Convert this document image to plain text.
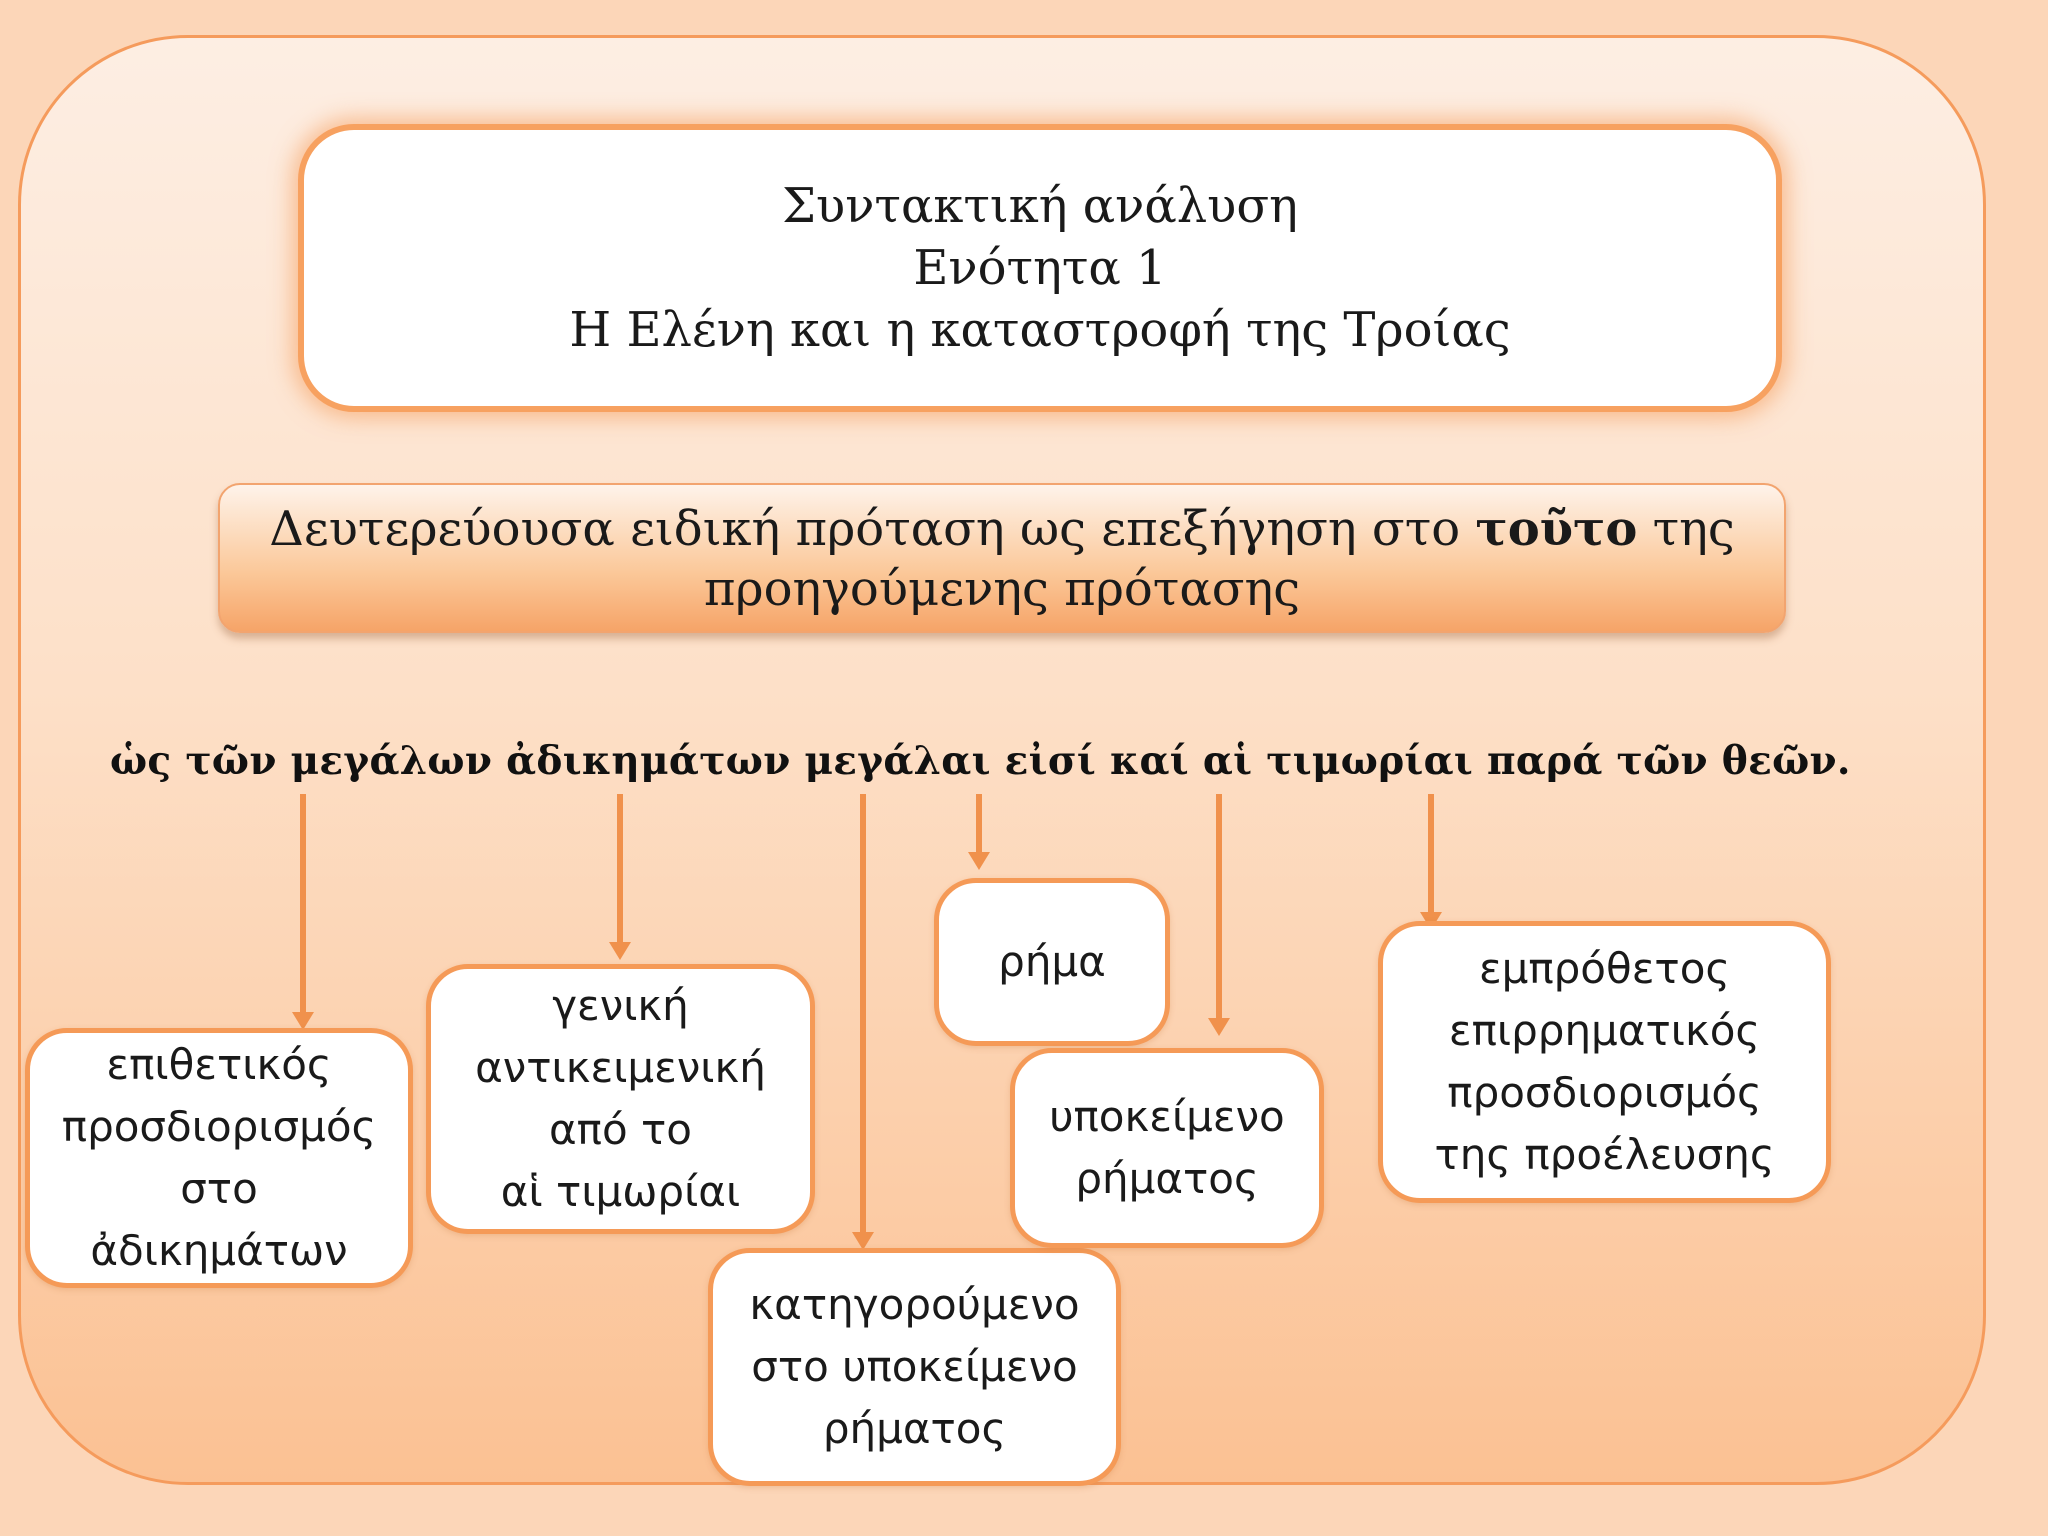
Συντακτική ανάλυση
Ενότητα 1
Η Ελένη και η καταστροφή της Τροίας
Δευτερεύουσα ειδική πρόταση ως επεξήγηση στο τοῦτο της
προηγούμενης πρότασης
ὡς τῶν μεγάλων ἀδικημάτων μεγάλαι εἰσί καί αἱ τιμωρίαι παρά τῶν θεῶν.
επιθετικός
προσδιορισμός
στο
ἀδικημάτων
γενική
αντικειμενική
από το
αἱ τιμωρίαι
κατηγορούμενο
στο υποκείμενο
ρήματος
ρήμα
υποκείμενο
ρήματος
εμπρόθετος
επιρρηματικός
προσδιορισμός
της προέλευσης
